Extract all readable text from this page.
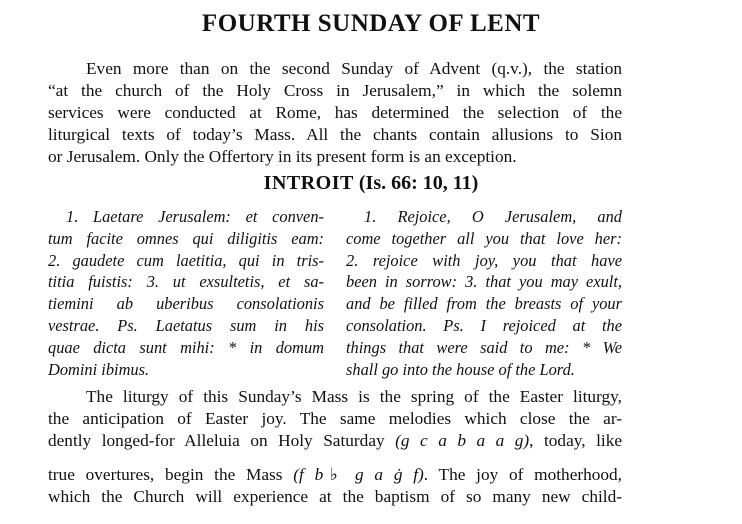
FOURTH SUNDAY OF LENT
Even more than on the second Sunday of Advent (q.v.), the station
“at the church of the Holy Cross in Jerusalem,” in which the solemn
services were conducted at Rome, has determined the selection of the
liturgical texts of today’s Mass. All the chants contain allusions to Sion
or Jerusalem. Only the Offertory in its present form is an exception.
INTROIT (Is. 66: 10, 11)
1. Laetare Jerusalem: et conven-
tum facite omnes qui diligitis eam:
2. gaudete cum laetitia, qui in tris-
titia fuistis: 3. ut exsultetis, et sa-
tiemini ab uberibus consolationis
vestrae. Ps. Laetatus sum in his
quae dicta sunt mihi: * in domum
Domini ibimus.
1. Rejoice, O Jerusalem, and
come together all you that love her:
2. rejoice with joy, you that have
been in sorrow: 3. that you may exult,
and be filled from the breasts of your
consolation. Ps. I rejoiced at the
things that were said to me: * We
shall go into the house of the Lord.
The liturgy of this Sunday’s Mass is the spring of the Easter liturgy,
the anticipation of Easter joy. The same melodies which close the ar-
dently longed-for Alleluia on Holy Saturday (g c a b a a g), today, like
true overtures, begin the Mass (f b♭ g a ġ f). The joy of motherhood,
which the Church will experience at the baptism of so many new child-
